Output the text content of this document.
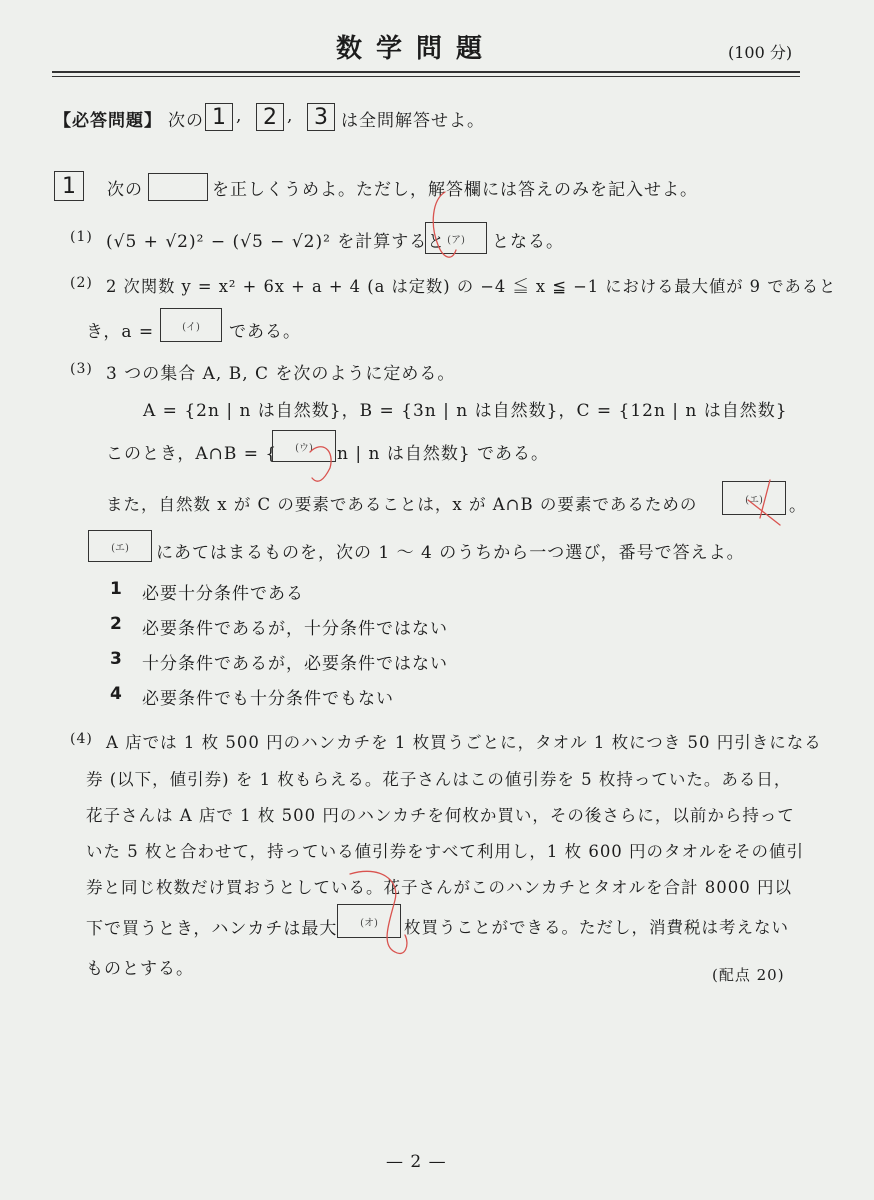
数学問題	(100 分)
【必答問題】 次の 1 , 2 , 3 は全問解答せよ。
1	次の	を正しくうめよ。ただし，解答欄には答えのみを記入せよ。
(1) (√5 + √2)² − (√5 − √2)² を計算すると (ア)	となる。
(2) 2 次関数 y = x² + 6x + a + 4 (a は定数) の −4 ≦ x ≦ −1 における最大値が 9 であると
き，a =	(イ)	である。
(3) 3 つの集合 A, B, C を次のように定める。
A = {2n | n は自然数}，B = {3n | n は自然数}，C = {12n | n は自然数}
このとき，A∩B = {	(ウ)	n | n は自然数} である。
また，自然数 x が C の要素であることは，x が A∩B の要素であるための	(エ)	。
(エ)	にあてはまるものを，次の 1 〜 4 のうちから一つ選び，番号で答えよ。
1 必要十分条件である
2 必要条件であるが，十分条件ではない
3 十分条件であるが，必要条件ではない
4 必要条件でも十分条件でもない
(4) A 店では 1 枚 500 円のハンカチを 1 枚買うごとに，タオル 1 枚につき 50 円引きになる
券 (以下，値引券) を 1 枚もらえる。花子さんはこの値引券を 5 枚持っていた。ある日，
花子さんは A 店で 1 枚 500 円のハンカチを何枚か買い，その後さらに，以前から持って
いた 5 枚と合わせて，持っている値引券をすべて利用し，1 枚 600 円のタオルをその値引
券と同じ枚数だけ買おうとしている。花子さんがこのハンカチとタオルを合計 8000 円以
下で買うとき，ハンカチは最大	(オ)	枚買うことができる。ただし，消費税は考えない
ものとする。	(配点 20)
— 2 —
